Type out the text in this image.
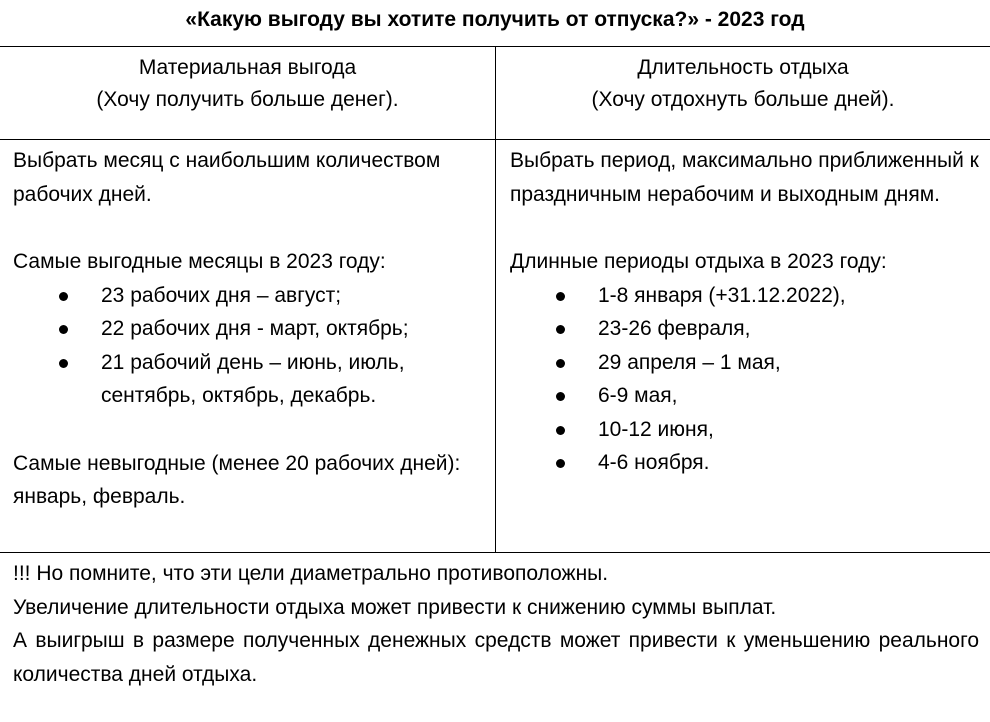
«Какую выгоду вы хотите получить от отпуска?» - 2023 год
Материальная выгода
(Хочу получить больше денег).
Длительность отдыха
(Хочу отдохнуть больше дней).

Выбрать месяц с наибольшим количеством рабочих дней.

Самые выгодные месяцы в 2023 году:

23 рабочих дня – август;
22 рабочих дня - март, октябрь;
21 рабочий день – июнь, июль, сентябрь, октябрь, декабрь.

Самые невыгодные (менее 20 рабочих дней): январь, февраль.

Выбрать период, максимально приближенный к праздничным нерабочим и выходным дням.

Длинные периоды отдыха в 2023 году:

1-8 января (+31.12.2022),
23-26 февраля,
29 апреля – 1 мая,
6-9 мая,
10-12 июня,
4-6 ноября.

!!! Но помните, что эти цели диаметрально противоположны.

Увеличение длительности отдыха может привести к снижению суммы выплат.

А выигрыш в размере полученных денежных средств может привести к уменьшению реального количества дней отдыха.
